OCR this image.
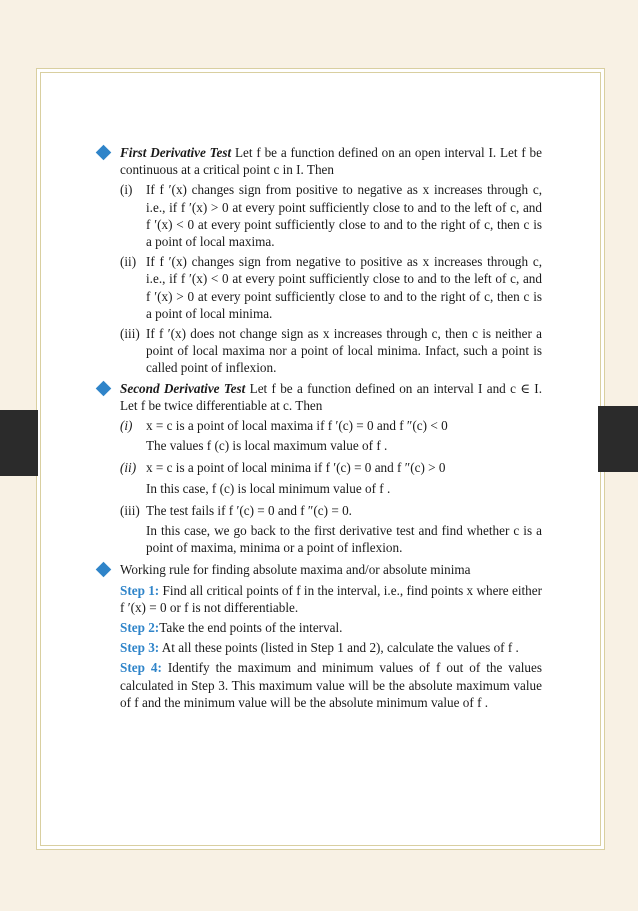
First Derivative Test Let f be a function defined on an open interval I. Let f be continuous at a critical point c in I. Then
(i) If f ′(x) changes sign from positive to negative as x increases through c, i.e., if f ′(x) > 0 at every point sufficiently close to and to the left of c, and f ′(x) < 0 at every point sufficiently close to and to the right of c, then c is a point of local maxima.
(ii) If f ′(x) changes sign from negative to positive as x increases through c, i.e., if f ′(x) < 0 at every point sufficiently close to and to the left of c, and f ′(x) > 0 at every point sufficiently close to and to the right of c, then c is a point of local minima.
(iii) If f ′(x) does not change sign as x increases through c, then c is neither a point of local maxima nor a point of local minima. Infact, such a point is called point of inflexion.
Second Derivative Test Let f be a function defined on an interval I and c ∈ I. Let f be twice differentiable at c. Then
(i) x = c is a point of local maxima if f ′(c) = 0 and f ″(c) < 0
The values f (c) is local maximum value of f .
(ii) x = c is a point of local minima if f ′(c) = 0 and f ″(c) > 0
In this case, f (c) is local minimum value of f .
(iii) The test fails if f ′(c) = 0 and f ″(c) = 0.
In this case, we go back to the first derivative test and find whether c is a point of maxima, minima or a point of inflexion.
Working rule for finding absolute maxima and/or absolute minima
Step 1: Find all critical points of f in the interval, i.e., find points x where either f ′(x) = 0 or f is not differentiable.
Step 2:Take the end points of the interval.
Step 3: At all these points (listed in Step 1 and 2), calculate the values of f .
Step 4: Identify the maximum and minimum values of f out of the values calculated in Step 3. This maximum value will be the absolute maximum value of f and the minimum value will be the absolute minimum value of f .
